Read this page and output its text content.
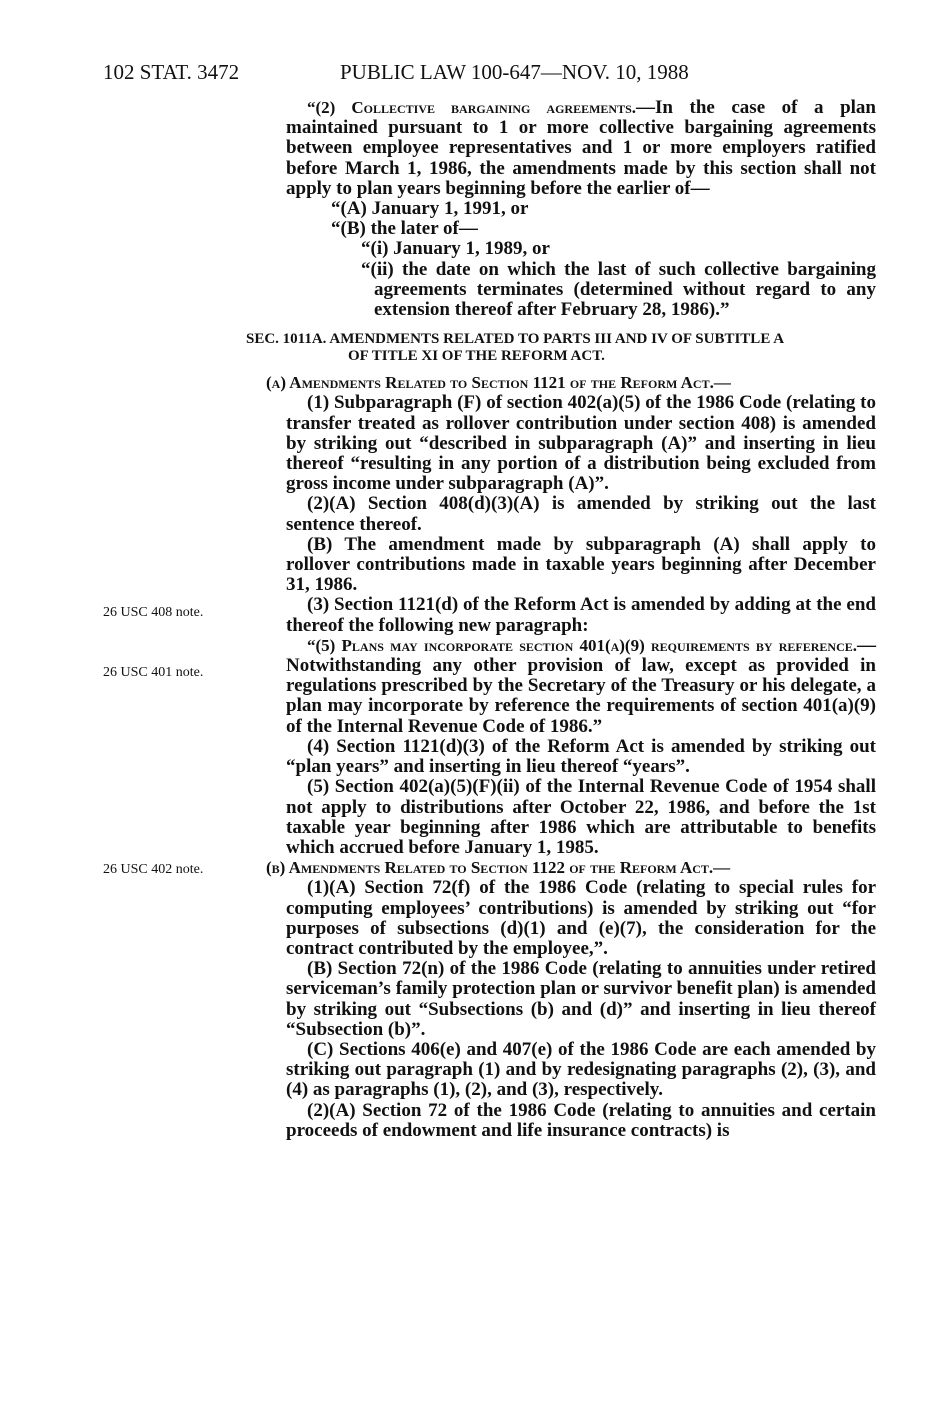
102 STAT. 3472	PUBLIC LAW 100-647—NOV. 10, 1988
26 USC 408 note.
26 USC 401 note.
26 USC 402 note.

“(2) Collective bargaining agreements.—In the case of a plan maintained pursuant to 1 or more collective bargaining agreements between employee representatives and 1 or more employers ratified before March 1, 1986, the amendments made by this section shall not apply to plan years beginning before the earlier of—

“(A) January 1, 1991, or

“(B) the later of—

“(i) January 1, 1989, or

“(ii) the date on which the last of such collective bargaining agreements terminates (determined without regard to any extension thereof after February 28, 1986).”

SEC. 1011A. AMENDMENTS RELATED TO PARTS III AND IV OF SUBTITLE A
OF TITLE XI OF THE REFORM ACT.

(a) Amendments Related to Section 1121 of the Reform Act.—

(1) Subparagraph (F) of section 402(a)(5) of the 1986 Code (relating to transfer treated as rollover contribution under section 408) is amended by striking out “described in subparagraph (A)” and inserting in lieu thereof “resulting in any portion of a distribution being excluded from gross income under subparagraph (A)”.

(2)(A) Section 408(d)(3)(A) is amended by striking out the last sentence thereof.

(B) The amendment made by subparagraph (A) shall apply to rollover contributions made in taxable years beginning after December 31, 1986.

(3) Section 1121(d) of the Reform Act is amended by adding at the end thereof the following new paragraph:

“(5) Plans may incorporate section 401(a)(9) requirements by reference.—Notwithstanding any other provision of law, except as provided in regulations prescribed by the Secretary of the Treasury or his delegate, a plan may incorporate by reference the requirements of section 401(a)(9) of the Internal Revenue Code of 1986.”

(4) Section 1121(d)(3) of the Reform Act is amended by striking out “plan years” and inserting in lieu thereof “years”.

(5) Section 402(a)(5)(F)(ii) of the Internal Revenue Code of 1954 shall not apply to distributions after October 22, 1986, and before the 1st taxable year beginning after 1986 which are attributable to benefits which accrued before January 1, 1985.

(b) Amendments Related to Section 1122 of the Reform Act.—

(1)(A) Section 72(f) of the 1986 Code (relating to special rules for computing employees’ contributions) is amended by striking out “for purposes of subsections (d)(1) and (e)(7), the consideration for the contract contributed by the employee,”.

(B) Section 72(n) of the 1986 Code (relating to annuities under retired serviceman’s family protection plan or survivor benefit plan) is amended by striking out “Subsections (b) and (d)” and inserting in lieu thereof “Subsection (b)”.

(C) Sections 406(e) and 407(e) of the 1986 Code are each amended by striking out paragraph (1) and by redesignating paragraphs (2), (3), and (4) as paragraphs (1), (2), and (3), respectively.

(2)(A) Section 72 of the 1986 Code (relating to annuities and certain proceeds of endowment and life insurance contracts) is
